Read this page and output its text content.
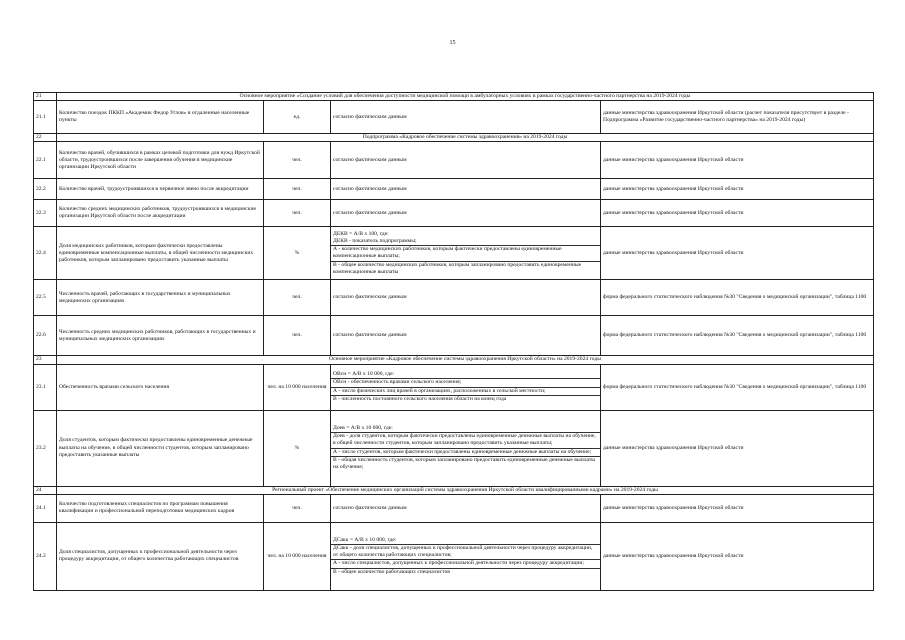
15
21	Основное мероприятие «Создание условий для обеспечения доступности медицинской помощи в амбулаторных условиях в рамках государственно-частного партнерства на 2019-2024 годы			
21.1	Количество поездок ПККП «Академик Федор Углов» в отдаленные населенные пункты	ед.	согласно фактическим данным	данные министерства здравоохранения Иркутской области (расчет показателя присутствует в разделе - Подпрограмма «Развитие государственно-частного партнерства» на 2019-2024 годы)
22	Подпрограмма «Кадровое обеспечение системы здравоохранения» на 2019-2024 годы			
22.1	Количество врачей, обучившихся в рамках целевой подготовки для нужд Иркутской области, трудоустроившихся после завершения обучения в медицинские организации Иркутской области	чел.	согласно фактическим данным	данные министерства здравоохранения Иркутской области
22.2	Количество врачей, трудоустроившихся в первичное звено после аккредитации	чел.	согласно фактическим данным	данные министерства здравоохранения Иркутской области
22.3	Количество средних медицинских работников, трудоустроившихся в медицинские организации Иркутской области после аккредитации	чел.	согласно фактическим данным	данные министерства здравоохранения Иркутской области
22.4	Доля медицинских работников, которым фактически предоставлены единовременные компенсационные выплаты, в общей численности медицинских работников, которым запланировано предоставить указанные выплаты	%	ДЕКВ = А/В х 100, где:
ДЕКВ - показатель подпрограммы;
А - количество медицинских работников, которым фактически предоставлены единовременные компенсационные выплаты;
В - общее количество медицинских работников, которым запланировано предоставить единовременные компенсационные выплаты	данные министерства здравоохранения Иркутской области
22.5	Численность врачей, работающих в государственных и муниципальных медицинских организациях	чел.	согласно фактическим данным	форма федерального статистического наблюдения №30 "Сведения о медицинской организации", таблица 1100
22.6	Численность средних медицинских работников, работающих в государственных и муниципальных медицинских организациях	чел.	согласно фактическим данным	форма федерального статистического наблюдения №30 "Сведения о медицинской организации", таблица 1100
23	Основное мероприятие «Кадровое обеспечение системы здравоохранения Иркутской области» на 2019-2024 годы			
23.1	Обеспеченность врачами сельского населения	чел. на 10 000 населения	ОВсн = А/В х 10 000, где:
ОВсн - обеспеченность врачами сельского населения;
А - число физических лиц врачей в организациях, расположенных в сельской местности;
В - численность постоянного сельского населения области на конец года	форма федерального статистического наблюдения №30 "Сведения о медицинской организации", таблица 1100
23.2	Доля студентов, которым фактически предоставлены единовременные денежные выплаты на обучение, в общей численности студентов, которым запланировано предоставить указанные выплаты	%	Доев = А/В х 10 000, где:
Доев - доля студентов, которым фактически предоставлены единовременные денежные выплаты на обучение, в общей численности студентов, которым запланировано предоставить указанные выплаты;
А - число студентов, которым фактически предоставлены единовременные денежные выплаты на обучение;
В - общая численность студентов, которым запланировано предоставить единовременные денежные выплаты на обучение;	данные министерства здравоохранения Иркутской области
24	Региональный проект «Обеспечение медицинских организаций системы здравоохранения Иркутской области квалифицированными кадрами» на 2019-2024 годы			
24.1	Количество подготовленных специалистов по программам повышения квалификации и профессиональной переподготовки медицинских кадров	чел.	согласно фактическим данным	данные министерства здравоохранения Иркутской области
24.2	Доля специалистов, допущенных к профессиональной деятельности через процедуру аккредитации, от общего количества работающих специалистов	чел. на 10 000 населения	ДСакк = А/В х 10 000, где:
ДСакк - доля специалистов, допущенных к профессиональной деятельности через процедуру аккредитации, от общего количества работающих специалистов;
А - число специалистов, допущенных к профессиональной деятельности через процедуру аккредитации;
В - общее количество работающих специалистов	данные министерства здравоохранения Иркутской области
